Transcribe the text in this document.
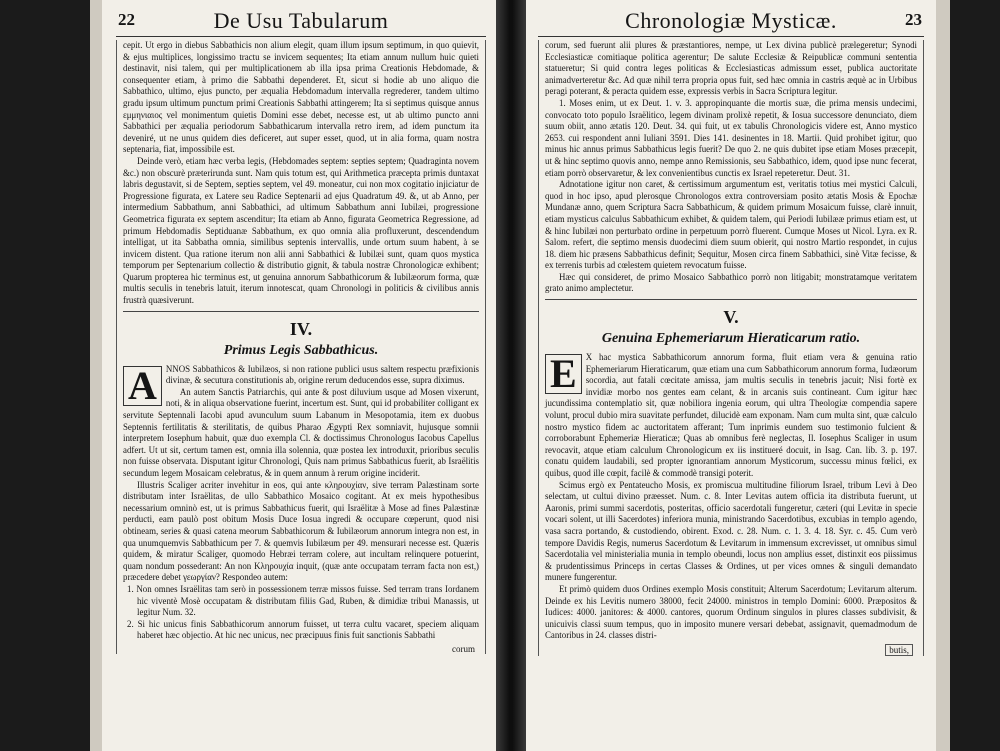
22	De Usu Tabularum

cepit. Ut ergo in diebus Sabbathicis non alium elegit, quam illum ipsum septimum, in quo quievit, & ejus multiplices, longissimo tractu se invicem sequentes; Ita etiam annum nullum huic quieti destinavit, nisi talem, qui per multiplicationem ab illa ipsa prima Creationis Hebdomade, & consequenter etiam, à primo die Sabbathi dependeret. Et, sicut si hodie ab uno aliquo die Sabbathico, ultimo, ejus puncto, per æqualia Hebdomadum intervalla regrederer, tandem ultimo gradu ipsum ultimum punctum primi Creationis Sabbathi attingerem; Ita si septimus quisque annus εμμηνιαιος vel monimentum quietis Domini esse debet, necesse est, ut ab ultimo puncto anni Sabbathici per æqualia periodorum Sabbathicarum intervalla retro irem, ad idem punctum ita deveniré, ut ne unus quidem dies deficeret, aut super esset, quod, ut in alia forma, quam nostra septenaria, fiat, impossibile est.

Deinde verò, etiam hæc verba legis, (Hebdomades septem: septies septem; Quadraginta novem &c.) non obscurè præterirunda sunt. Nam quis totum est, qui Arithmetica præcepta primis duntaxat labris degustavit, si de Septem, septies septem, vel 49. moneatur, cui non mox cogitatio injiciatur de Progressione figurata, ex Latere seu Radice Septenarii ad ejus Quadratum 49. &, ut ab Anno, per intermedium Sabbathum, anni Sabbathici, ad ultimum Sabbathum anni Iubilæi, progressione Geometrica figurata ex septem ascenditur; Ita etiam ab Anno, figurata Geometrica Regressione, ad primum Hebdomadis Septiduanæ Sabbathum, ex quo omnia alia profluxerunt, descendendum intelligat, ut ita Sabbatha omnia, similibus septenis intervallis, unde ortum suum habent, à se invicem distent. Qua ratione iterum non alii anni Sabbathici & Iubilæi sunt, quam quos mystica temporum per Septenarium collectio & distributio gignit, & tabula nostræ Chronologicæ exhibent; Quarum propterea hic terminus est, ut genuina annorum Sabbathicorum & Iubilæorum forma, quæ multis seculis in tenebris latuit, iterum innotescat, quam Chronologi in politicis & civilibus annis frustrà quæsiverunt.

IV.
Primus Legis Sabbathicus.
A	NNOS Sabbathicos & Iubilæos, si non ratione publici usus saltem respectu præfixionis divinæ, & secutura constitutionis ab, origine rerum deducendos esse, supra diximus.

An autem Sanctis Patriarchis, qui ante & post diluvium usque ad Mosen vixerunt, noti, & in aliqua observatione fuerint, incertum est. Sunt, qui id probabiliter colligant ex servitute Septennali Iacobi apud avunculum suum Labanum in Mesopotamia, item ex duobus Septennis fertilitatis & sterilitatis, de quibus Pharao Ægypti Rex somniavit, hujusque somnii interpretem Iosephum habuit, quæ duo exempla Cl. & doctissimus Chronologus Iacobus Capellus adfert. Ut ut sit, certum tamen est, omnia illa solennia, quæ postea lex introduxit, prioribus seculis non fuisse observata. Disputant igitur Chronologi, Quis nam primus Sabbathicus fuerit, ab Israëlitis secundum legem Mosaicam celebratus, & in quem annum à rerum origine inciderit.

Illustris Scaliger acriter invehitur in eos, qui ante κληρουχίαν, sive terram Palæstinam sorte distributam inter Israëlitas, de ullo Sabbathico Mosaico cogitant. At ex meis hypothesibus necessarium omninò est, ut is primus Sabbathicus fuerit, qui Israëlitæ à Mose ad fines Palæstinæ perducti, eam paulò post obitum Mosis Duce Iosua ingredi & occupare cœperunt, quod nisi obtineam, series & quasi catena meorum Sabbathicorum & Iubilæorum annorum integra non est, in qua unumquemvis Sabbathicum per 7. & quemvis Iubilæum per 49. mensurari necesse est. Quæris quidem, & miratur Scaliger, quomodo Hebræi terram colere, aut incultam relinquere potuerint, quam nondum possederant: An non Κληρουχία inquit, (quæ ante occupatam terram facta non est,) præcedere debet γεωργίαν? Respondeo autem:

1. Non omnes Israëlitas tam serò in possessionem terræ missos fuisse. Sed terram trans Iordanem hic viventè Mosè occupatam & distributam filiis Gad, Ruben, & dimidiæ tribui Manassis, ut legitur Num. 32.

2. Si hic unicus finis Sabbathicorum annorum fuisset, ut terra cultu vacaret, speciem aliquam haberet hæc objectio. At hic nec unicus, nec præcipuus finis fuit sanctionis Sabbathi

corum
Chronologiæ Mysticæ.	23

corum, sed fuerunt alii plures & præstantiores, nempe, ut Lex divina publicè prælegeretur; Synodi Ecclesiasticæ comitiaque politica agerentur; De salute Ecclesiæ & Reipublicæ communi sententia statueretur; Si quid contra leges politicas & Ecclesiasticas admissum esset, publica auctoritate animadverteretur &c. Ad quæ nihil terra propria opus fuit, sed hæc omnia in castris æquè ac in Urbibus peragi poterant, & peracta quidem esse, expressis verbis in Sacra Scriptura legitur.

1. Moses enim, ut ex Deut. 1. v. 3. appropinquante die mortis suæ, die prima mensis undecimi, convocato toto populo Israëlitico, legem divinam prolixè repetit, & Iosua successore denunciato, diem suum obiit, anno ætatis 120. Deut. 34. qui fuit, ut ex tabulis Chronologicis videre est, Anno mystico 2653. cui respondent anni Iuliani 3591. Dies 141. desinentes in 18. Martii. Quid prohibet igitur, quo minus hic annus primus Sabbathicus legis fuerit? De quo 2. ne quis dubitet ipse etiam Moses præcepit, ut & hinc septimo quovis anno, nempe anno Remissionis, seu Sabbathico, idem, quod ipse nunc fecerat, etiam porrò observaretur, & lex convenientibus cunctis ex Israel repeteretur. Deut. 31.

Adnotatione igitur non caret, & certissimum argumentum est, veritatis totius mei mystici Calculi, quod in hoc ipso, apud plerosque Chronologos extra controversiam posito ætatis Mosis & Epochæ Mundanæ anno, quem Scriptura Sacra Sabbathicum, & quidem primum Mosaicum fuisse, clarè innuit, etiam mysticus calculus Sabbathicum exhibet, & quidem talem, qui Periodi Iubilææ primus etiam est, ut & hinc Iubilæi non perturbato ordine in perpetuum porrò fluerent. Cumque Moses ut Nicol. Lyra. ex R. Salom. refert, die septimo mensis duodecimi diem suum obierit, qui nostro Martio respondet, in cujus 18. diem hic præsens Sabbathicus definit; Sequitur, Mosen circa finem Sabbathici, sinè Vitæ fecisse, & ex terrenis turbis ad cœlestem quietem revocatum fuisse.

Hæc qui consideret, de primo Mosaico Sabbathico porrò non litigabit; monstratamque veritatem grato animo amplectetur.

V.
Genuina Ephemeriarum Hieraticarum ratio.
E	X hac mystica Sabbathicorum annorum forma, fluit etiam vera & genuina ratio Ephemeriarum Hieraticarum, quæ etiam una cum Sabbathicorum annorum forma, Iudæorum socordia, aut fatali cœcitate amissa, jam multis seculis in tenebris jacuit; Nisi fortè ex invidiæ morbo nos gentes eam celant, & in arcanis suis contineant. Cum igitur hæc jucundissima contemplatio sit, quæ nobiliora ingenia eorum, qui ultra Theologiæ compendia sapere volunt, procul dubio mira suavitate perfundet, dilucidè eam exponam. Nam cum multa sint, quæ calculo nostro mystico fidem ac auctoritatem afferant; Tum inprimis eundem suo testimonio fulcient & corroborabunt Ephemeriæ Hieraticæ; Quas ab omnibus ferè neglectas, Il. Iosephus Scaliger in usum revocavit, atque etiam calculum Chronologicum ex iis institueré docuit, in Isag. Can. lib. 3. p. 197. conatu quidem laudabili, sed propter ignorantiam annorum Mysticorum, successu minus fœlici, ex quibus, quod ille cœpit, facilè & commodè transigi poterit.

Scimus ergò ex Pentateucho Mosis, ex promiscua multitudine filiorum Israel, tribum Levi à Deo selectam, ut cultui divino præesset. Num. c. 8. Inter Levitas autem officia ita distributa fuerunt, ut Aaronis, primi summi sacerdotis, posteritas, officio sacerdotali fungeretur, cæteri (qui Levitæ in specie vocari solent, ut illi Sacerdotes) inferiora munia, ministrando Sacerdotibus, excubias in templo agendo, vasa sacra portando, & custodiendo, obirent. Exod. c. 28. Num. c. 1. 3. 4. 18. Syr. c. 45. Cum verò tempore Davidis Regis, numerus Sacerdotum & Levitarum in immensum excrevisset, ut omnibus simul Sacerdotalia vel ministerialia munia in templo obeundi, locus non amplius esset, distinxit eos piissimus & prudentissimus Princeps in certas Classes & Ordines, ut per vices omnes & singuli demandato munere fungerentur.

Et primò quidem duos Ordines exemplo Mosis constituit; Alterum Sacerdotum; Levitarum alterum. Deinde ex his Levitis numero 38000, fecit 24000. ministros in templo Domini: 6000. Præpositos & Iudices: 4000. janitores: & 4000. cantores, quorum Ordinum singulos in plures classes subdivisit, & unicuivis classi suum tempus, quo in imposito munere versari debebat, assignavit, quemadmodum de Cantoribus in 24. classes distri-

butis,
